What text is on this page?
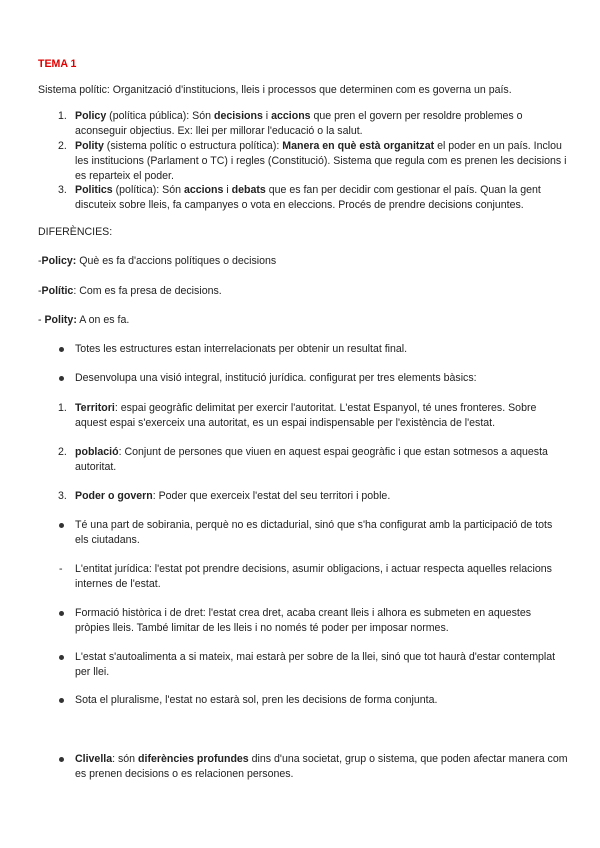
TEMA 1
Sistema polític: Organització d'institucions, lleis i processos que determinen com es governa un país.
1. Policy (política pública): Són decisions i accions que pren el govern per resoldre problemes o aconseguir objectius. Ex: llei per millorar l'educació o la salut.
2. Polity (sistema polític o estructura política): Manera en què està organitzat el poder en un país. Inclou les institucions (Parlament o TC) i regles (Constitució). Sistema que regula com es prenen les decisions i es reparteix el poder.
3. Politics (política): Són accions i debats que es fan per decidir com gestionar el país. Quan la gent discuteix sobre lleis, fa campanyes o vota en eleccions. Procés de prendre decisions conjuntes.
DIFERÈNCIES:
-Policy: Què es fa d'accions polítiques o decisions
-Polític: Com es fa presa de decisions.
- Polity: A on es fa.
Totes les estructures estan interrelacionats per obtenir un resultat final.
Desenvolupa una visió integral, institució jurídica. configurat per tres elements bàsics:
1. Territori: espai geogràfic delimitat per exercir l'autoritat. L'estat Espanyol, té unes fronteres. Sobre aquest espai s'exerceix una autoritat, es un espai indispensable per l'existència de l'estat.
2. població: Conjunt de persones que viuen en aquest espai geogràfic i que estan sotmesos a aquesta autoritat.
3. Poder o govern: Poder que exerceix l'estat del seu territori i poble.
Té una part de sobirania, perquè no es dictadurial, sinó que s'ha configurat amb la participació de tots els ciutadans.
- L'entitat jurídica: l'estat pot prendre decisions, asumir obligacions, i actuar respecta aquelles relacions internes de l'estat.
Formació històrica i de dret: l'estat crea dret, acaba creant lleis i alhora es submeten en aquestes pròpies lleis. També limitar de les lleis i no només té poder per imposar normes.
L'estat s'autoalimenta a si mateix, mai estarà per sobre de la llei, sinó que tot haurà d'estar contemplat per llei.
Sota el pluralisme, l'estat no estarà sol, pren les decisions de forma conjunta.
Clivella: són diferències profundes dins d'una societat, grup o sistema, que poden afectar manera com es prenen decisions o es relacionen persones.
